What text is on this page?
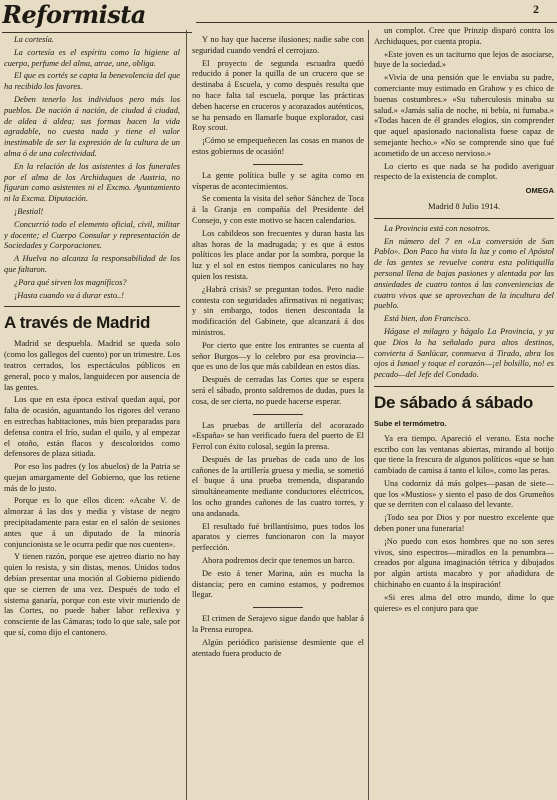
Reformista	2

La cortesía.

La cortesía es el espíritu como la higiene al cuerpo, perfume del alma, atrae, une, obliga.

El que es cortés se capta la benevolencia del que ha recibido los favores.

Deben tenerlo los individuos pero más los pueblos. De nación á nación, de ciudad á ciudad, de aldea á aldea; sus formas hacen la vida agradable, no cuesta nada y tiene el valor inestimable de ser la expresión de la cultura de un alma ó de una colectividad.

En la relación de los asistentes á los funerales por el alma de los Archiduques de Austria, no figuran como asistentes ni el Excmo. Ayuntamiento ni la Excma. Diputación.

¡Bestial!

Concurrió todo el elemento oficial, civil, militar y docente; el Cuerpo Consular y representación de Sociedades y Corporaciones.

A Huelva no alcanza la responsabilidad de los que faltaron.

¿Para qué sirven los magníficos?

¡Hasta cuando va á durar esto..!

A través de Madrid

Madrid se despuebla. Madrid se queda solo (como los gallegos del cuento) por un trimestre. Los teatros cerrados, los espectáculos públicos en general, poco y malos, languidecen por ausencia de las gentes.

Los que en esta época estival quedan aquí, por falta de ocasión, aguantando los rigores del verano en estrechas habitaciones, más bien preparadas para defensa contra el frío, sudan el quilo, y al empezar el otoño, están flacos y descoloridos como defensores de plaza sitiada.

Por eso los padres (y los abuelos) de la Patria se quejan amargamente del Gobierno, que los retiene más de lo justo.

Porque es lo que ellos dicen: «Acabe V. de almorzar á las dos y media y vístase de negro precipitadamente para estar en el salón de sesiones antes que á un diputado de la minoría conjuncionista se le ocurra pedir que nos cuenten».

Y tienen razón, porque ese ajetreo diario no hay quien lo resista, y sin distas, menos. Unidos todos debían presentar una moción al Gobierno pidiendo que se cierren de una vez. Después de todo el sistema ganaría, porque con este vivir muriendo de las Cortes, no puede haber labor reflexiva y consciente de las Cámaras; todo lo que sale, sale por que sí, como dijo el cantonero.

Y no hay que hacerse ilusiones; nadie sabe con seguridad cuando vendrá el cerrojazo.

El proyecto de segunda escuadra quedó reducido á poner la quilla de un crucero que se destinaba á Escuela, y como después resulta que no hace falta tal escuela, porque las prácticas deben hacerse en cruceros y acorazados auténticos, se ha pensado en llamarle buque explorador, casi Roy scout.

¡Cómo se empequeñecen las cosas en manos de estos gobiernos de ocasión!

La gente política bulle y se agita como en vísperas de acontecimientos.

Se comenta la visita del señor Sánchez de Toca á la Granja en compañía del Presidente del Consejo, y con este motivo se hacen calendarios.

Los cabildeos son frecuentes y duran hasta las altas horas de la madrugada; y es que á estos políticos les place andar por la sombra, porque la luz y el sol en estos tiempos caniculares no hay quien los resista.

¿Habrá crisis? se preguntan todos. Pero nadie contesta con seguridades afirmativas ni negativas; y sin embargo, todos tienen descontada la modificación del Gabinete, que alcanzará á dos ministros.

Por cierto que entre los entrantes se cuenta al señor Burgos—y lo celebro por esa provincia—que es uno de los que más cabildean en estos días.

Después de cerradas las Cortes que se espera será el sábado, pronto saldremos de dudas, pues la cosa, de ser cierta, no puede hacerse esperar.

Las pruebas de artillería del acorazado «España» se han verificado fuera del puerto de El Ferrol con éxito colosal, según la prensa.

Después de las pruebas de cada uno de los cañones de la artillería gruesa y media, se sometió el buque á una prueba tremenda, disparando simultáneamente mediante conductores eléctricos, los ocho grandes cañones de las cuatro torres, y una andanada.

El resultado fué brillantísimo, pues todos los aparatos y cierres funcionaron con la mayor perfección.

Ahora podremos decir que tenemos un barco.

De esto á tener Marina, aún es mucha la distancia; pero en camino estamos, y podremos llegar.

El crimen de Serajevo sigue dando que hablar á la Prensa europea.

Algún periódico parisiense desmiente que el atentado fuera producto de

un complot. Cree que Prinzip disparó contra los Archiduques, por cuenta propia.

«Este joven es un taciturno que lejos de asociarse, huye de la sociedad.»

«Vivía de una pensión que le enviaba su padre, comerciante muy estimado en Grahow y es chico de buenas costumbres.» «Su tuberculosis minaba su salud.» «Jamás salía de noche, ni bebía, ni fumaba.» «Todas hacen de él grandes elogios, sin comprender que aquel apasionado nacionalista fuese capaz de semejante hecho.» «No se comprende sino que fué acometido de un acceso nervioso.»

Lo cierto es que nada se ha podido averiguar respecto de la existencia de complot.

OMEGA
Madrid 8 Julio 1914.

La Provincia está con nosotros.

En número del 7 en «La conversión de San Pablo». Don Paco ha visto la luz y como el Apóstol de las gentes se revuelve contra esta politiquilla personal llena de bajas pasiones y alentada por las ansiedades de cuatro tontos á las conveniencias de cuatro vivos que se aprovechan de la incultura del pueblo.

Está bien, don Francisco.

Hágase el milagro y hágalo La Provincia, y ya que Dios la ha señalado para altos destinos, convierta á Sanlúcar, conmueva á Tirado, abra los ojos á Ismael y toque el corazón—¡el bolsillo, no! es pecado—del Jefe del Condado.

De sábado á sábado
Sube el termómetro.

Ya era tiempo. Apareció el verano. Esta noche escribo con las ventanas abiertas, mirando al botijo que tiene la frescura de algunos políticos «que se han cambiado de camisa á tanto el kilo», como las peras.

Una codorniz dá más golpes—pasan de siete—que los «Mustios» y siento el paso de dos Grumeños que se derriten con el calaaso del levante.

¡Todo sea por Dios y por nuestro excelente que deben poner una funeraria!

¡No puedo con esos hombres que no son seres vivos, sino espectros—miradlos en la penumbra—creados por alguna imaginación tétrica y dibujados por algún artista macabro y por añadidura de chichinabo en cuanto á la inspiración!

«Si eres alma del otro mundo, dime lo que quieres» es el conjuro para que
